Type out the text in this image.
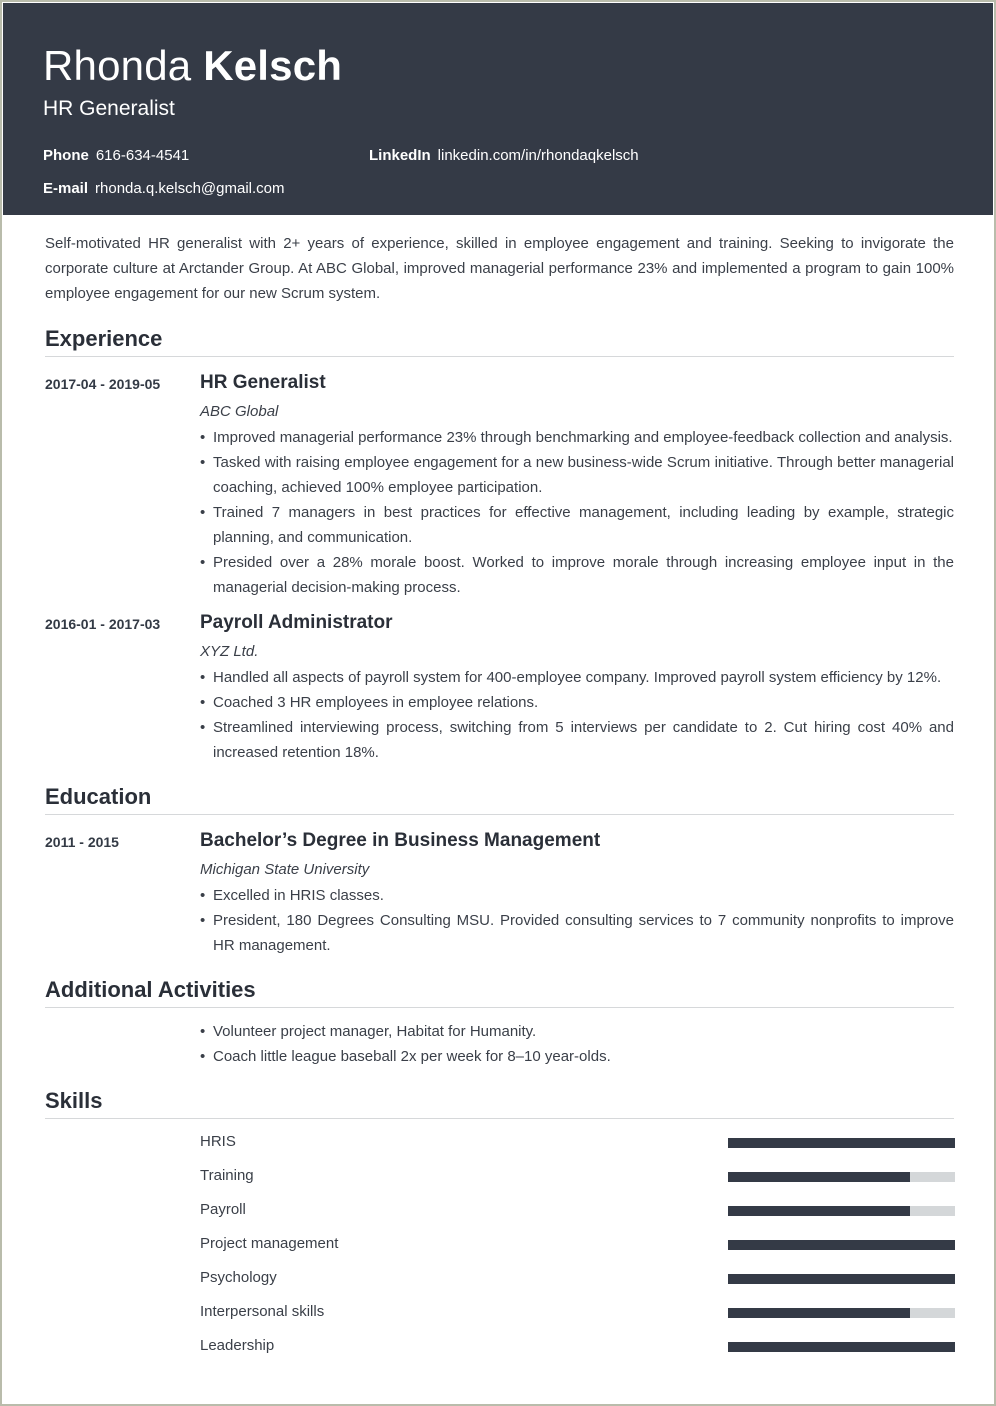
Rhonda Kelsch
HR Generalist
Phone 616-634-4541	LinkedIn linkedin.com/in/rhondaqkelsch
E-mail rhonda.q.kelsch@gmail.com
Self-motivated HR generalist with 2+ years of experience, skilled in employee engagement and training. Seeking to invigorate the corporate culture at Arctander Group. At ABC Global, improved managerial performance 23% and implemented a program to gain 100% employee engagement for our new Scrum system.
Experience
2017-04 - 2019-05 HR Generalist
ABC Global
• Improved managerial performance 23% through benchmarking and employee-feedback collection and analysis.
• Tasked with raising employee engagement for a new business-wide Scrum initiative. Through better managerial coaching, achieved 100% employee participation.
• Trained 7 managers in best practices for effective management, including leading by example, strategic planning, and communication.
• Presided over a 28% morale boost. Worked to improve morale through increasing employee input in the managerial decision-making process.
2016-01 - 2017-03 Payroll Administrator
XYZ Ltd.
• Handled all aspects of payroll system for 400-employee company. Improved payroll system efficiency by 12%.
• Coached 3 HR employees in employee relations.
• Streamlined interviewing process, switching from 5 interviews per candidate to 2. Cut hiring cost 40% and increased retention 18%.
Education
2011 - 2015	Bachelor’s Degree in Business Management
Michigan State University
• Excelled in HRIS classes.
• President, 180 Degrees Consulting MSU. Provided consulting services to 7 community nonprofits to improve HR management.
Additional Activities
• Volunteer project manager, Habitat for Humanity.
• Coach little league baseball 2x per week for 8–10 year-olds.
Skills
HRIS
Training
Payroll
Project management
Psychology
Interpersonal skills
Leadership
